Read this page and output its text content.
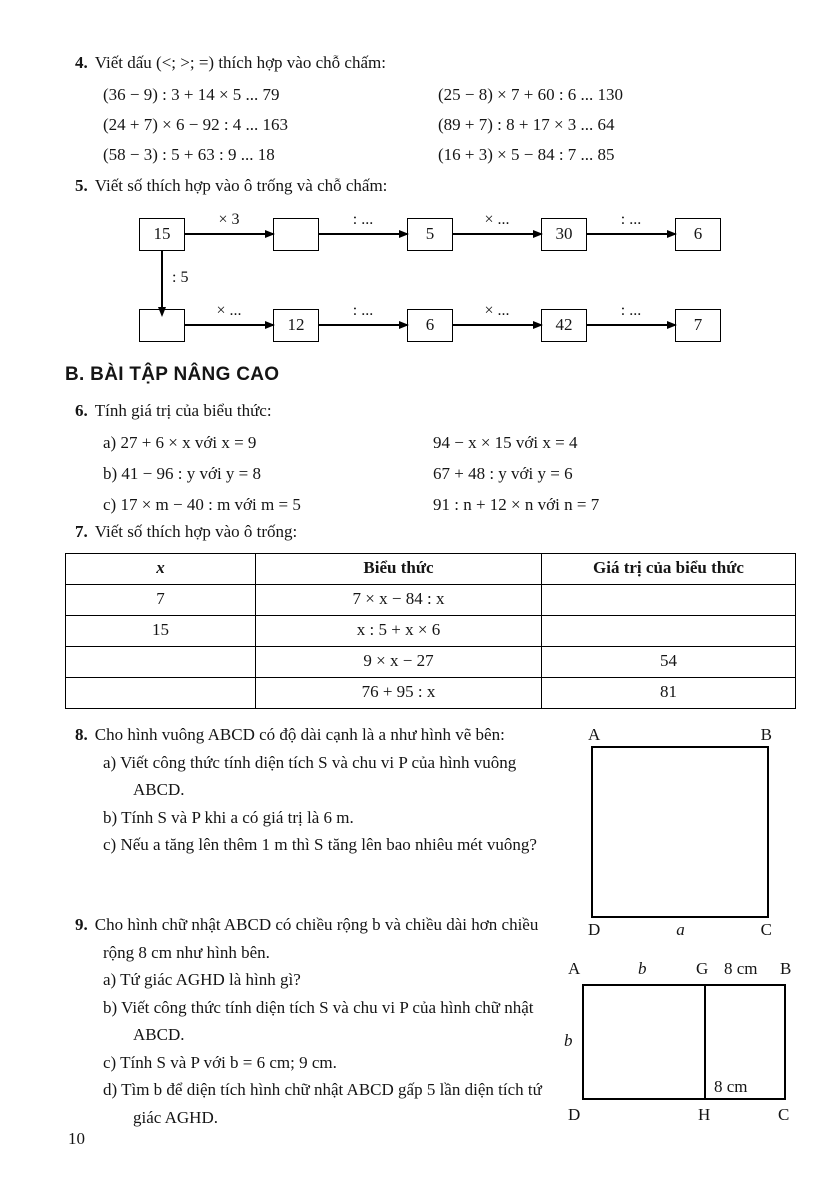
4. Viết dấu (<; >; =) thích hợp vào chỗ chấm:
(36 − 9) : 3 + 14 × 5 ... 79	(25 − 8) × 7 + 60 : 6 ... 130
(24 + 7) × 6 − 92 : 4 ... 163	(89 + 7) : 8 + 17 × 3 ... 64
(58 − 3) : 5 + 63 : 9 ... 18	(16 + 3) × 5 − 84 : 7 ... 85
5. Viết số thích hợp vào ô trống và chỗ chấm:
15
× 3	: ...
5
× ...
30
: ...
6
: 5
× ...
12
: ...
6
× ...
42
: ...
7
B. BÀI TẬP NÂNG CAO
6. Tính giá trị của biểu thức:
a) 27 + 6 × x với x = 9	94 − x × 15 với x = 4
b) 41 − 96 : y với y = 8	67 + 48 : y với y = 6
c) 17 × m − 40 : m với m = 5	91 : n + 12 × n với n = 7
7. Viết số thích hợp vào ô trống:
x	Biểu thức	Giá trị của biểu thức
7	7 × x − 84 : x	
15	x : 5 + x × 6	
	9 × x − 27	54
	76 + 95 : x	81
8. Cho hình vuông ABCD có độ dài cạnh là a như hình vẽ bên:
a) Viết công thức tính diện tích S và chu vi P của hình vuông ABCD.
b) Tính S và P khi a có giá trị là 6 m.
c) Nếu a tăng lên thêm 1 m thì S tăng lên bao nhiêu mét vuông?
A	B
D	a	C
9. Cho hình chữ nhật ABCD có chiều rộng b và chiều dài hơn chiều rộng 8 cm như hình bên.
a) Tứ giác AGHD là hình gì?
b) Viết công thức tính diện tích S và chu vi P của hình chữ nhật ABCD.
c) Tính S và P với b = 6 cm; 9 cm.
d) Tìm b để diện tích hình chữ nhật ABCD gấp 5 lần diện tích tứ giác AGHD.
A	b	G 8 cm B
b
8 cm
D	H	C
10
